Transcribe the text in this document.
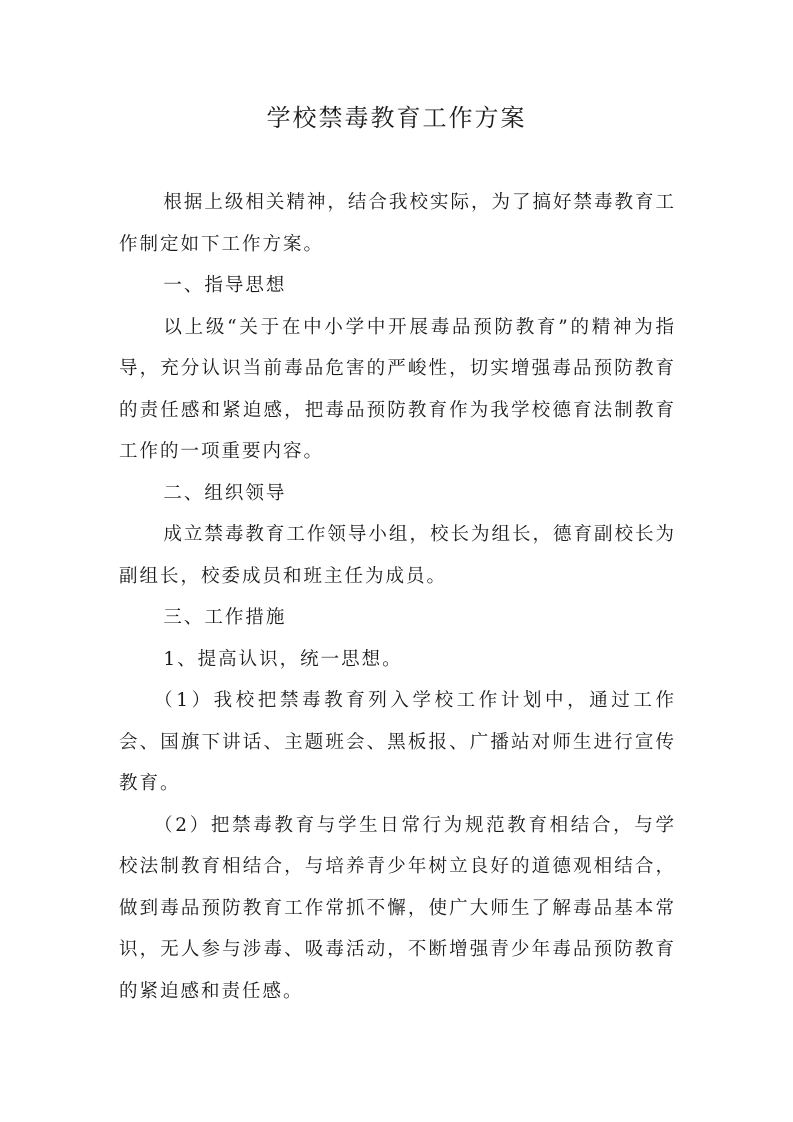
学校禁毒教育工作方案

根据上级相关精神，结合我校实际，为了搞好禁毒教育工作制定如下工作方案。

一、指导思想

以上级“关于在中小学中开展毒品预防教育”的精神为指导，充分认识当前毒品危害的严峻性，切实增强毒品预防教育的责任感和紧迫感，把毒品预防教育作为我学校德育法制教育工作的一项重要内容。

二、组织领导

成立禁毒教育工作领导小组，校长为组长，德育副校长为副组长，校委成员和班主任为成员。

三、工作措施

1、提高认识，统一思想。

（1）我校把禁毒教育列入学校工作计划中，通过工作会、国旗下讲话、主题班会、黑板报、广播站对师生进行宣传教育。

（2）把禁毒教育与学生日常行为规范教育相结合，与学校法制教育相结合，与培养青少年树立良好的道德观相结合，做到毒品预防教育工作常抓不懈，使广大师生了解毒品基本常识，无人参与涉毒、吸毒活动，不断增强青少年毒品预防教育的紧迫感和责任感。
